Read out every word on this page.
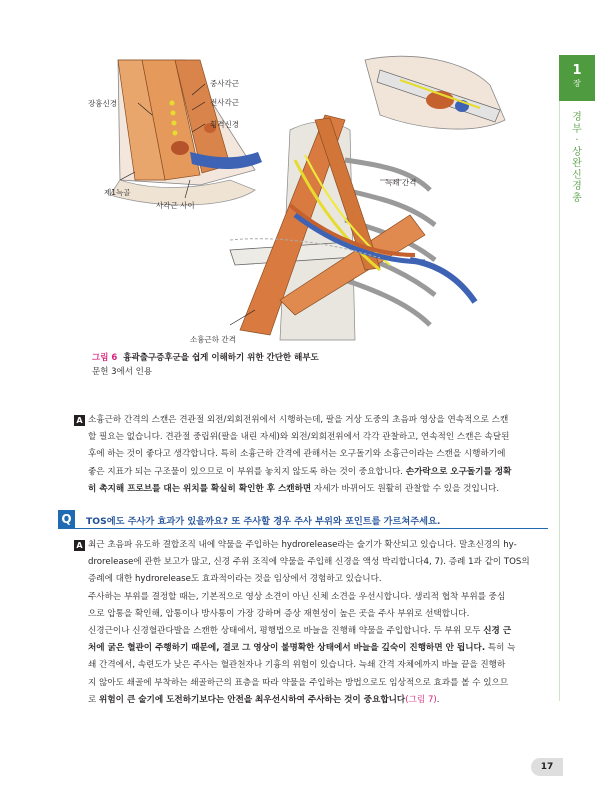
1
장
경
부
·
상
완
신
경
총
중사각근
장흉신경	전사각근
횡격신경
제1늑골
사각근 사이
늑쇄 간격
소흉근하 간격
그림 6 흉곽출구증후군을 쉽게 이해하기 위한 간단한 해부도
문헌 3에서 인용
A 소흉근하 간격의 스캔은 견관절 외전/외회전위에서 시행하는데, 팔을 거상 도중의 초음파 영상을 연속적으로 스캔
할 필요는 없습니다. 견관절 중립위(팔을 내린 자세)와 외전/외회전위에서 각각 관찰하고, 연속적인 스캔은 속달된
후에 하는 것이 좋다고 생각합니다. 특히 소흉근하 간격에 관해서는 오구돌기와 소흉근이라는 스캔을 시행하기에
좋은 지표가 되는 구조물이 있으므로 이 부위를 놓치지 않도록 하는 것이 중요합니다. 손가락으로 오구돌기를 정확
히 촉지해 프로브를 대는 위치를 확실히 확인한 후 스캔하면 자세가 바뀌어도 원활히 관찰할 수 있을 것입니다.
Q	TOS에도 주사가 효과가 있을까요? 또 주사할 경우 주사 부위와 포인트를 가르쳐주세요.
A 최근 초음파 유도하 결합조직 내에 약물을 주입하는 hydrorelease라는 술기가 확산되고 있습니다. 말초신경의 hy-
drorelease에 관한 보고가 많고, 신경 주위 조직에 약물을 주입해 신경을 액성 박리합니다4, 7). 증례 1과 같이 TOS의
증례에 대한 hydrorelease도 효과적이라는 것을 임상에서 경험하고 있습니다.
주사하는 부위를 결정할 때는, 기본적으로 영상 소견이 아닌 신체 소견을 우선시합니다. 생리적 협착 부위를 중심
으로 압통을 확인해, 압통이나 방사통이 가장 강하며 증상 재현성이 높은 곳을 주사 부위로 선택합니다.
신경근이나 신경혈관다발을 스캔한 상태에서, 평행법으로 바늘을 진행해 약물을 주입합니다. 두 부위 모두 신경 근
처에 굵은 혈관이 주행하기 때문에, 결코 그 영상이 불명확한 상태에서 바늘을 깊숙이 진행하면 안 됩니다. 특히 늑
쇄 간격에서, 속련도가 낮은 주사는 혈관천자나 기흉의 위험이 있습니다. 늑쇄 간격 자체에까지 바늘 끝을 진행하
지 않아도 쇄골에 부착하는 쇄골하근의 표층을 따라 약물을 주입하는 방법으로도 임상적으로 효과를 볼 수 있으므
로 위험이 큰 술기에 도전하기보다는 안전을 최우선시하여 주사하는 것이 중요합니다(그림 7).
17
